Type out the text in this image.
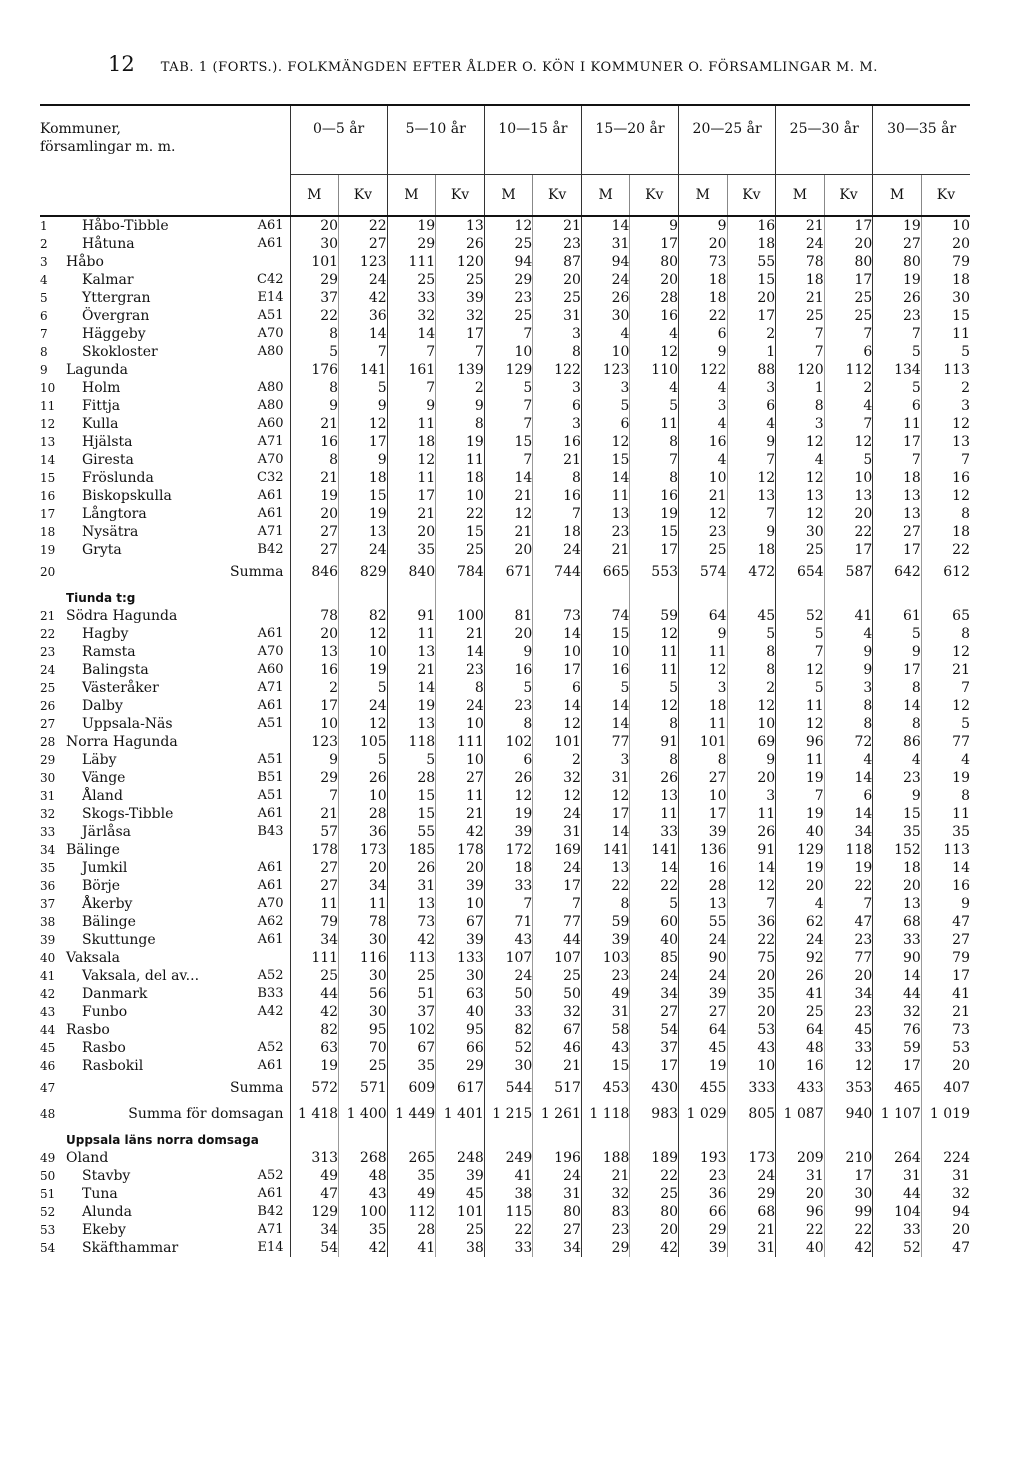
12 TAB. 1 (FORTS.). FOLKMÄNGDEN EFTER ÅLDER O. KÖN I KOMMUNER O. FÖRSAMLINGAR M. M.
Kommuner,
församlingar m. m.	0—5 år		5—10 år		10—15 år		15—20 år		20—25 år		25—30 år		30—35 år	
	M	Kv	M	Kv	M	Kv	M	Kv	M	Kv	M	Kv	M	Kv
1 Håbo-Tibble A61	20	22	19	13	12	21	14	9	9	16	21	17	19	10
2 Håtuna A61	30	27	29	26	25	23	31	17	20	18	24	20	27	20
3 Håbo	101	123	111	120	94	87	94	80	73	55	78	80	80	79
4 Kalmar C42	29	24	25	25	29	20	24	20	18	15	18	17	19	18
5 Yttergran E14	37	42	33	39	23	25	26	28	18	20	21	25	26	30
6 Övergran A51	22	36	32	32	25	31	30	16	22	17	25	25	23	15
7 Häggeby A70	8	14	14	17	7	3	4	4	6	2	7	7	7	11
8 Skokloster A80	5	7	7	7	10	8	10	12	9	1	7	6	5	5
9 Lagunda	176	141	161	139	129	122	123	110	122	88	120	112	134	113
10 Holm A80	8	5	7	2	5	3	3	4	4	3	1	2	5	2
11 Fittja A80	9	9	9	9	7	6	5	5	3	6	8	4	6	3
12 Kulla A60	21	12	11	8	7	3	6	11	4	4	3	7	11	12
13 Hjälsta A71	16	17	18	19	15	16	12	8	16	9	12	12	17	13
14 Giresta A70	8	9	12	11	7	21	15	7	4	7	4	5	7	7
15 Fröslunda C32	21	18	11	18	14	8	14	8	10	12	12	10	18	16
16 Biskopskulla A61	19	15	17	10	21	16	11	16	21	13	13	13	13	12
17 Långtora A61	20	19	21	22	12	7	13	19	12	7	12	20	13	8
18 Nysätra A71	27	13	20	15	21	18	23	15	23	9	30	22	27	18
19 Gryta B42	27	24	35	25	20	24	21	17	25	18	25	17	17	22
20 Summa	846	829	840	784	671	744	665	553	574	472	654	587	642	612
Tiunda t:g														
21 Södra Hagunda	78	82	91	100	81	73	74	59	64	45	52	41	61	65
22 Hagby A61	20	12	11	21	20	14	15	12	9	5	5	4	5	8
23 Ramsta A70	13	10	13	14	9	10	10	11	11	8	7	9	9	12
24 Balingsta A60	16	19	21	23	16	17	16	11	12	8	12	9	17	21
25 Västeråker A71	2	5	14	8	5	6	5	5	3	2	5	3	8	7
26 Dalby A61	17	24	19	24	23	14	14	12	18	12	11	8	14	12
27 Uppsala-Näs A51	10	12	13	10	8	12	14	8	11	10	12	8	8	5
28 Norra Hagunda	123	105	118	111	102	101	77	91	101	69	96	72	86	77
29 Läby A51	9	5	5	10	6	2	3	8	8	9	11	4	4	4
30 Vänge B51	29	26	28	27	26	32	31	26	27	20	19	14	23	19
31 Åland A51	7	10	15	11	12	12	12	13	10	3	7	6	9	8
32 Skogs-Tibble A61	21	28	15	21	19	24	17	11	17	11	19	14	15	11
33 Järlåsa B43	57	36	55	42	39	31	14	33	39	26	40	34	35	35
34 Bälinge	178	173	185	178	172	169	141	141	136	91	129	118	152	113
35 Jumkil A61	27	20	26	20	18	24	13	14	16	14	19	19	18	14
36 Börje A61	27	34	31	39	33	17	22	22	28	12	20	22	20	16
37 Åkerby A70	11	11	13	10	7	7	8	5	13	7	4	7	13	9
38 Bälinge A62	79	78	73	67	71	77	59	60	55	36	62	47	68	47
39 Skuttunge A61	34	30	42	39	43	44	39	40	24	22	24	23	33	27
40 Vaksala	111	116	113	133	107	107	103	85	90	75	92	77	90	79
41 Vaksala, del av... A52	25	30	25	30	24	25	23	24	24	20	26	20	14	17
42 Danmark B33	44	56	51	63	50	50	49	34	39	35	41	34	44	41
43 Funbo A42	42	30	37	40	33	32	31	27	27	20	25	23	32	21
44 Rasbo	82	95	102	95	82	67	58	54	64	53	64	45	76	73
45 Rasbo A52	63	70	67	66	52	46	43	37	45	43	48	33	59	53
46 Rasbokil A61	19	25	35	29	30	21	15	17	19	10	16	12	17	20
47 Summa	572	571	609	617	544	517	453	430	455	333	433	353	465	407
48 Summa för domsagan	1 418	1 400	1 449	1 401	1 215	1 261	1 118	983	1 029	805	1 087	940	1 107	1 019
Uppsala läns norra domsaga														
49 Oland	313	268	265	248	249	196	188	189	193	173	209	210	264	224
50 Stavby A52	49	48	35	39	41	24	21	22	23	24	31	17	31	31
51 Tuna A61	47	43	49	45	38	31	32	25	36	29	20	30	44	32
52 Alunda B42	129	100	112	101	115	80	83	80	66	68	96	99	104	94
53 Ekeby A71	34	35	28	25	22	27	23	20	29	21	22	22	33	20
54 Skäfthammar E14	54	42	41	38	33	34	29	42	39	31	40	42	52	47
